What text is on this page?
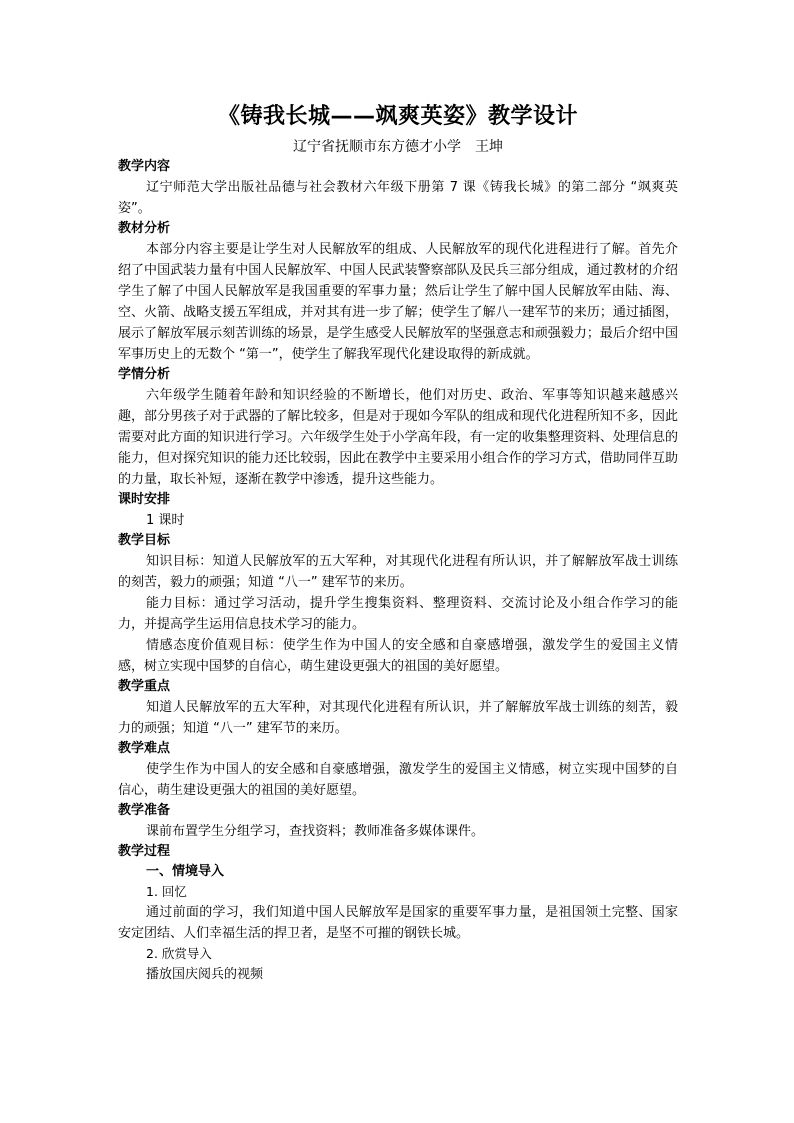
《铸我长城——飒爽英姿》教学设计
辽宁省抚顺市东方德才小学　王坤
教学内容

辽宁师范大学出版社品德与社会教材六年级下册第 7 课《铸我长城》的第二部分 “飒爽英姿”。

教材分析

本部分内容主要是让学生对人民解放军的组成、人民解放军的现代化进程进行了解。首先介绍了中国武装力量有中国人民解放军、中国人民武装警察部队及民兵三部分组成，通过教材的介绍学生了解了中国人民解放军是我国重要的军事力量；然后让学生了解中国人民解放军由陆、海、空、火箭、战略支援五军组成，并对其有进一步了解；使学生了解八一建军节的来历；通过插图，展示了解放军展示刻苦训练的场景，是学生感受人民解放军的坚强意志和顽强毅力；最后介绍中国军事历史上的无数个 “第一”，使学生了解我军现代化建设取得的新成就。

学情分析

六年级学生随着年龄和知识经验的不断增长，他们对历史、政治、军事等知识越来越感兴趣，部分男孩子对于武器的了解比较多，但是对于现如今军队的组成和现代化进程所知不多，因此需要对此方面的知识进行学习。六年级学生处于小学高年段，有一定的收集整理资料、处理信息的能力，但对探究知识的能力还比较弱，因此在教学中主要采用小组合作的学习方式，借助同伴互助的力量，取长补短，逐渐在教学中渗透，提升这些能力。

课时安排

1 课时

教学目标

知识目标：知道人民解放军的五大军种，对其现代化进程有所认识，并了解解放军战士训练的刻苦，毅力的顽强；知道 “八一” 建军节的来历。

能力目标：通过学习活动，提升学生搜集资料、整理资料、交流讨论及小组合作学习的能力，并提高学生运用信息技术学习的能力。

情感态度价值观目标：使学生作为中国人的安全感和自豪感增强，激发学生的爱国主义情感，树立实现中国梦的自信心，萌生建设更强大的祖国的美好愿望。

教学重点

知道人民解放军的五大军种，对其现代化进程有所认识，并了解解放军战士训练的刻苦，毅力的顽强；知道 “八一” 建军节的来历。

教学难点

使学生作为中国人的安全感和自豪感增强，激发学生的爱国主义情感，树立实现中国梦的自信心，萌生建设更强大的祖国的美好愿望。

教学准备

课前布置学生分组学习，查找资料；教师准备多媒体课件。

教学过程
一、情境导入
1. 回忆

通过前面的学习，我们知道中国人民解放军是国家的重要军事力量，是祖国领土完整、国家安定团结、人们幸福生活的捍卫者，是坚不可摧的钢铁长城。

2. 欣赏导入

播放国庆阅兵的视频
